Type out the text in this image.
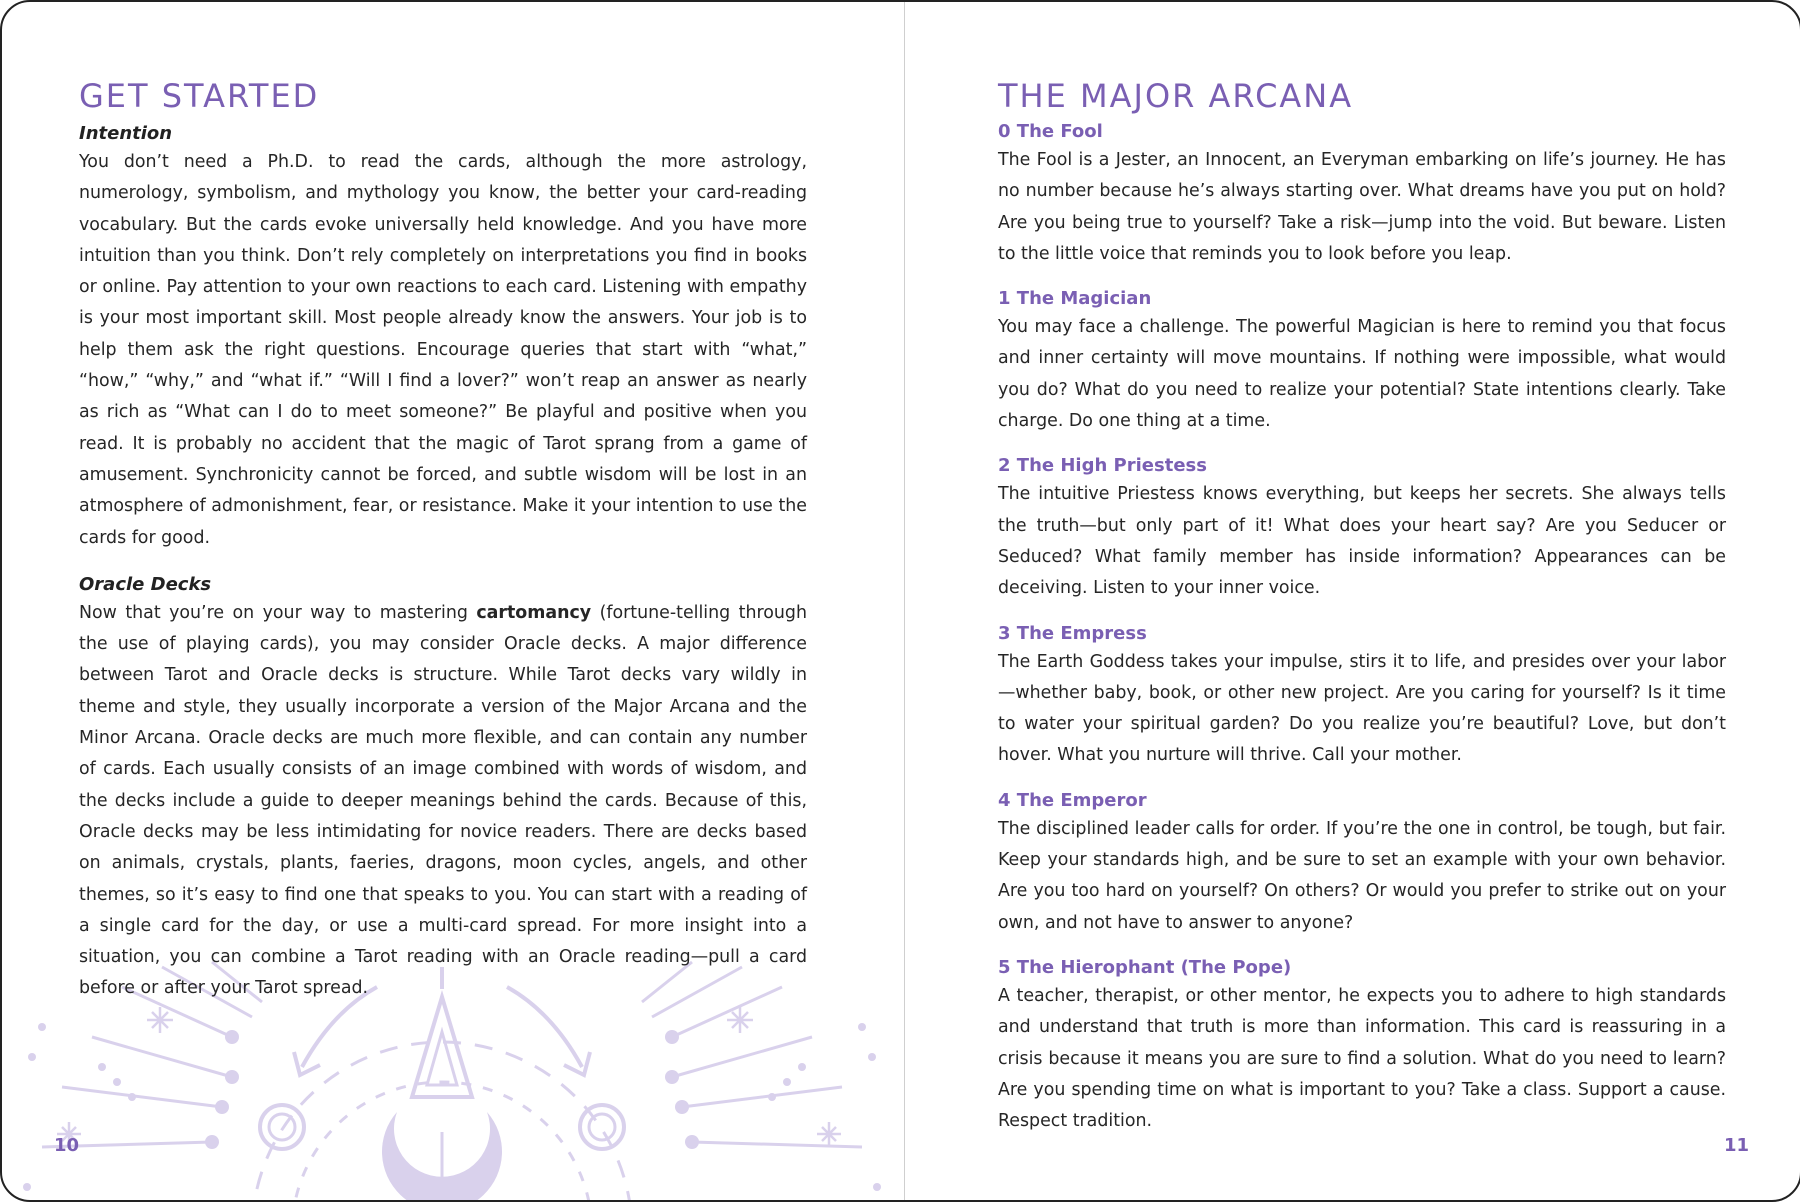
GET STARTED
Intention

You don’t need a Ph.D. to read the cards, although the more astrology, numerology, symbolism, and mythology you know, the better your card-reading vocabulary. But the cards evoke universally held knowledge. And you have more intuition than you think. Don’t rely completely on interpretations you find in books or online. Pay attention to your own reactions to each card. Listening with empathy is your most important skill. Most people already know the answers. Your job is to help them ask the right questions. Encourage queries that start with “what,” “how,” “why,” and “what if.” “Will I find a lover?” won’t reap an answer as nearly as rich as “What can I do to meet someone?” Be playful and positive when you read. It is probably no accident that the magic of Tarot sprang from a game of amusement. Synchronicity cannot be forced, and subtle wisdom will be lost in an atmosphere of admonishment, fear, or resistance. Make it your intention to use the cards for good.

Oracle Decks

Now that you’re on your way to mastering cartomancy (fortune-telling through the use of playing cards), you may consider Oracle decks. A major difference between Tarot and Oracle decks is structure. While Tarot decks vary wildly in theme and style, they usually incorporate a version of the Major Arcana and the Minor Arcana. Oracle decks are much more flexible, and can contain any number of cards. Each usually consists of an image combined with words of wisdom, and the decks include a guide to deeper meanings behind the cards. Because of this, Oracle decks may be less intimidating for novice readers. There are decks based on animals, crystals, plants, faeries, dragons, moon cycles, angels, and other themes, so it’s easy to find one that speaks to you. You can start with a reading of a single card for the day, or use a multi-card spread. For more insight into a situation, you can combine a Tarot reading with an Oracle reading—pull a card before or after your Tarot spread.

THE MAJOR ARCANA
0 The Fool

The Fool is a Jester, an Innocent, an Everyman embarking on life’s journey. He has no number because he’s always starting over. What dreams have you put on hold? Are you being true to yourself? Take a risk—jump into the void. But beware. Listen to the little voice that reminds you to look before you leap.

1 The Magician

You may face a challenge. The powerful Magician is here to remind you that focus and inner certainty will move mountains. If nothing were impossible, what would you do? What do you need to realize your potential? State intentions clearly. Take charge. Do one thing at a time.

2 The High Priestess

The intuitive Priestess knows everything, but keeps her secrets. She always tells the truth—but only part of it! What does your heart say? Are you Seducer or Seduced? What family member has inside information? Appearances can be deceiving. Listen to your inner voice.

3 The Empress

The Earth Goddess takes your impulse, stirs it to life, and presides over your labor—whether baby, book, or other new project. Are you caring for yourself? Is it time to water your spiritual garden? Do you realize you’re beautiful? Love, but don’t hover. What you nurture will thrive. Call your mother.

4 The Emperor

The disciplined leader calls for order. If you’re the one in control, be tough, but fair. Keep your standards high, and be sure to set an example with your own behavior. Are you too hard on yourself? On others? Or would you prefer to strike out on your own, and not have to answer to anyone?

5 The Hierophant (The Pope)

A teacher, therapist, or other mentor, he expects you to adhere to high standards and understand that truth is more than information. This card is reassuring in a crisis because it means you are sure to find a solution. What do you need to learn? Are you spending time on what is important to you? Take a class. Support a cause. Respect tradition.

10	11
